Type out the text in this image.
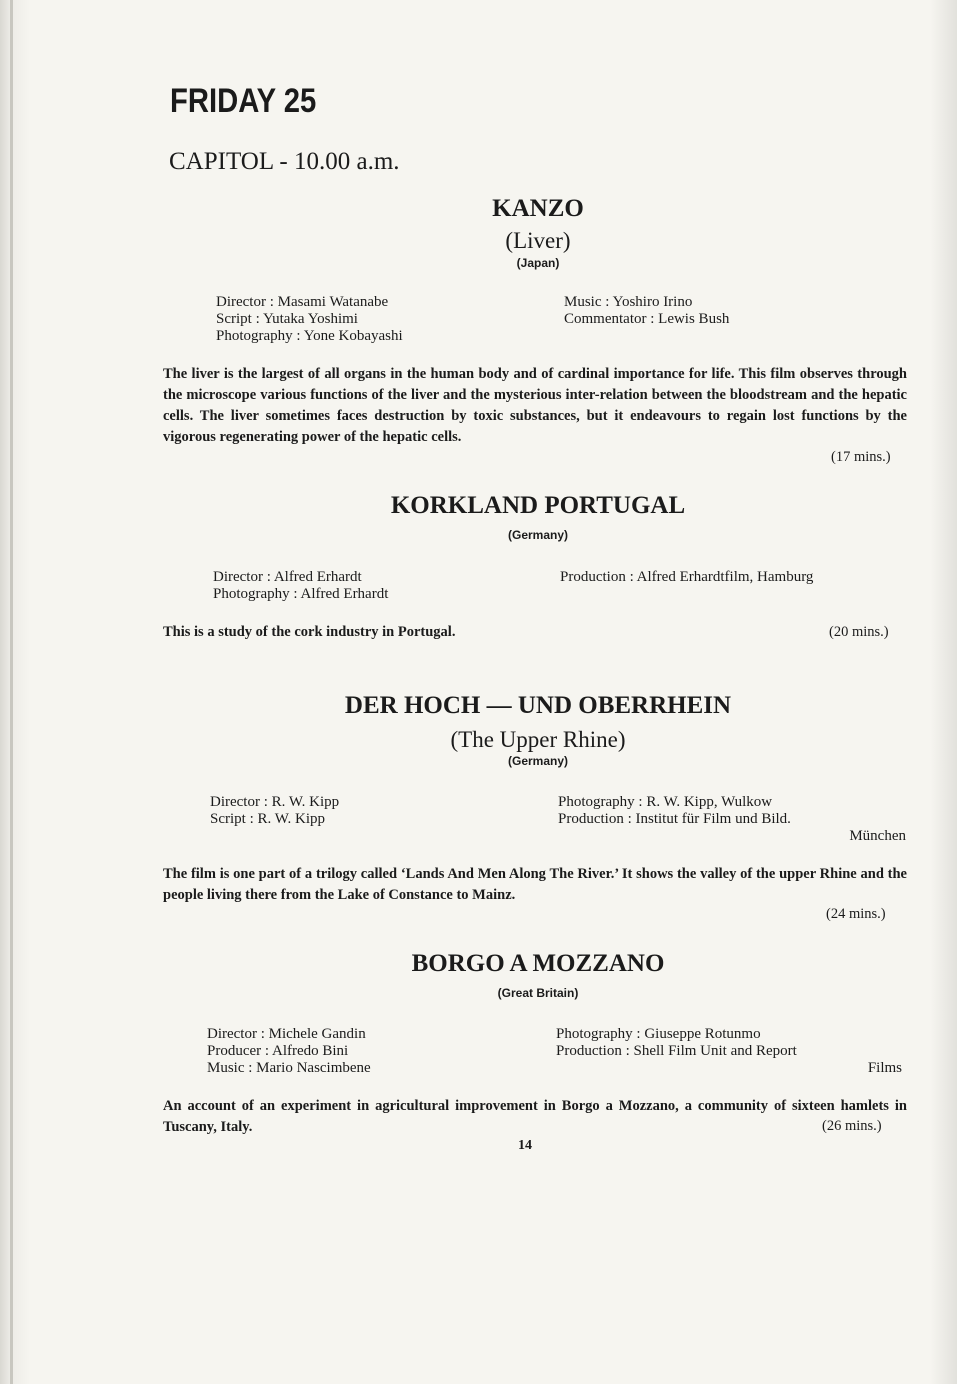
FRIDAY 25
CAPITOL - 10.00 a.m.
KANZO
(Liver)
(Japan)
Director : Masami Watanabe
Script : Yutaka Yoshimi
Photography : Yone Kobayashi
Music : Yoshiro Irino
Commentator : Lewis Bush
The liver is the largest of all organs in the human body and of cardinal importance for life. This film observes through the microscope various functions of the liver and the mysterious inter-relation between the bloodstream and the hepatic cells. The liver sometimes faces destruction by toxic substances, but it endeavours to regain lost functions by the vigorous regenerating power of the hepatic cells.
(17 mins.)
KORKLAND PORTUGAL
(Germany)
Director : Alfred Erhardt
Photography : Alfred Erhardt
Production : Alfred Erhardtfilm, Hamburg
This is a study of the cork industry in Portugal.	(20 mins.)
DER HOCH — UND OBERRHEIN
(The Upper Rhine)
(Germany)
Director : R. W. Kipp
Script : R. W. Kipp
Photography : R. W. Kipp, Wulkow
Production : Institut für Film und Bild.
München
The film is one part of a trilogy called ‘Lands And Men Along The River.’ It shows the valley of the upper Rhine and the people living there from the Lake of Constance to Mainz.
(24 mins.)
BORGO A MOZZANO
(Great Britain)
Director : Michele Gandin
Producer : Alfredo Bini
Music : Mario Nascimbene
Photography : Giuseppe Rotunmo
Production : Shell Film Unit and Report
Films
An account of an experiment in agricultural improvement in Borgo a Mozzano, a community of sixteen hamlets in Tuscany, Italy.	(26 mins.)
14
